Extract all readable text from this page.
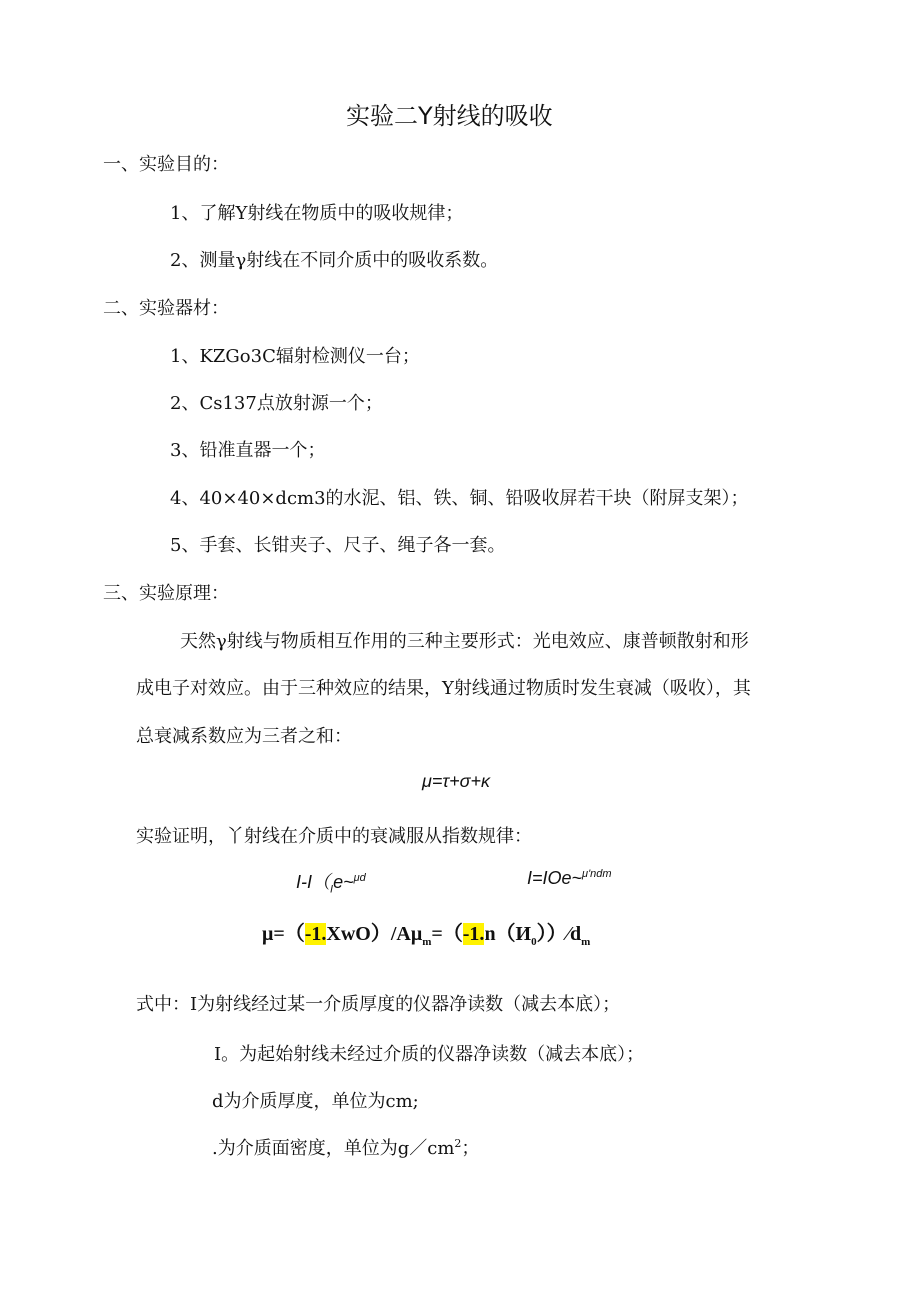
实验二Y射线的吸收
一、实验目的：
1、了解Y射线在物质中的吸收规律；
2、测量γ射线在不同介质中的吸收系数。
二、实验器材：
1、KZGo3C辐射检测仪一台；
2、Cs137点放射源一个；
3、铅准直器一个；
4、40×40×dcm3的水泥、铝、铁、铜、铅吸收屏若干块（附屏支架）；
5、手套、长钳夹子、尺子、绳子各一套。
三、实验原理：
天然γ射线与物质相互作用的三种主要形式：光电效应、康普顿散射和形
成电子对效应。由于三种效应的结果，Y射线通过物质时发生衰减（吸收），其
总衰减系数应为三者之和：
μ=τ+σ+κ
实验证明，丫射线在介质中的衰减服从指数规律：
$I-I(_Ie\sim^{\mu d}$	I=IOe~$^{\mu'ndm}$
$\mu=(-1.XwO)/A\mu_m=(-1.n(И_0))⁄d_m$
式中：I为射线经过某一介质厚度的仪器净读数（减去本底）；
I。为起始射线未经过介质的仪器净读数（减去本底）；
d为介质厚度，单位为cm;
.为介质面密度，单位为$g/cm^2$；
